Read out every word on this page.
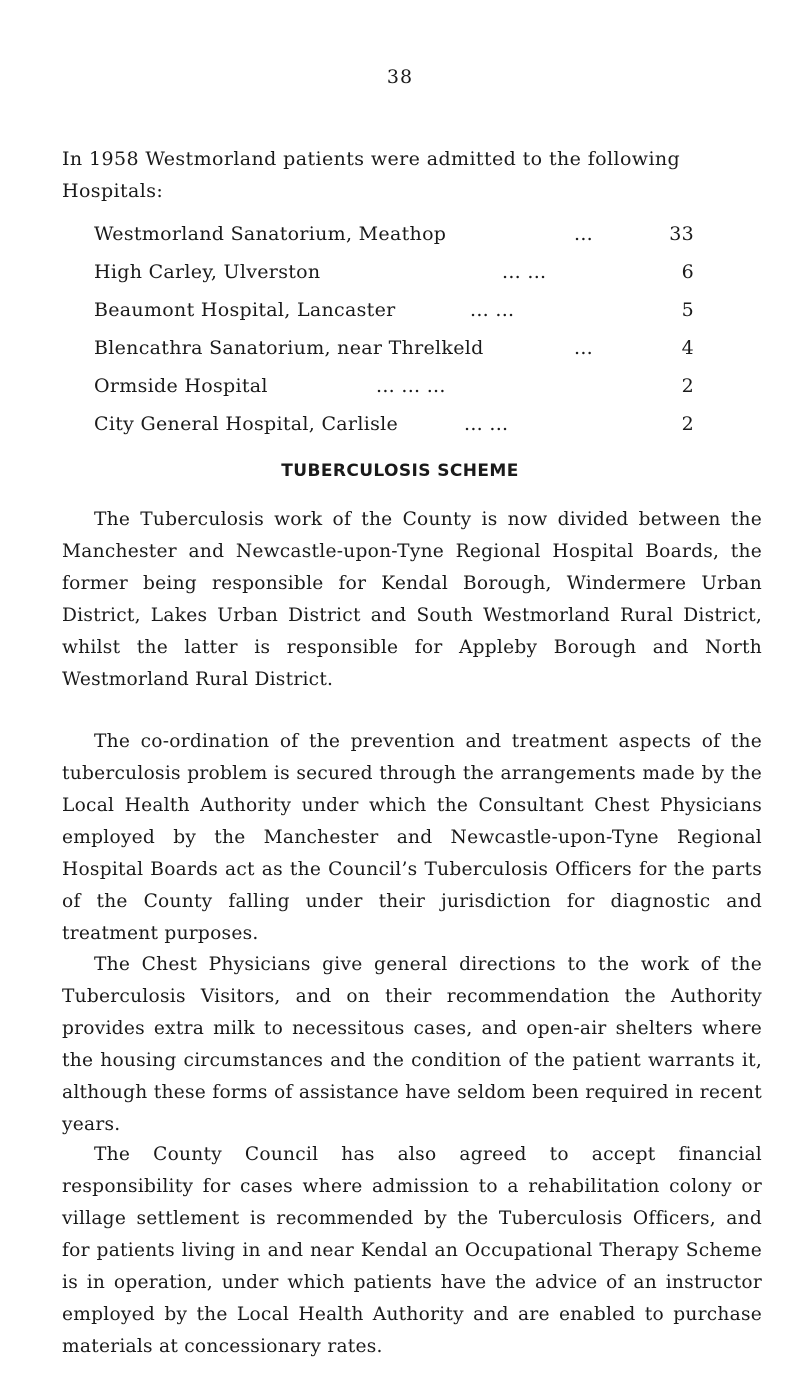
38

In 1958 Westmorland patients were admitted to the following Hospitals:

Westmorland Sanatorium, Meathop	...	33
High Carley, Ulverston	... ...	6
Beaumont Hospital, Lancaster	... ...	5
Blencathra Sanatorium, near Threlkeld	...	4
Ormside Hospital	... ... ...	2
City General Hospital, Carlisle	... ...	2
TUBERCULOSIS SCHEME

The Tuberculosis work of the County is now divided between the Manchester and Newcastle-upon-Tyne Regional Hospital Boards, the former being responsible for Kendal Borough, Windermere Urban District, Lakes Urban District and South Westmorland Rural District, whilst the latter is responsible for Appleby Borough and North Westmorland Rural District.

The co-ordination of the prevention and treatment aspects of the tuberculosis problem is secured through the arrangements made by the Local Health Authority under which the Consultant Chest Physicians employed by the Manchester and Newcastle-upon-Tyne Regional Hospital Boards act as the Council’s Tuberculosis Officers for the parts of the County falling under their jurisdiction for diagnostic and treatment purposes.

The Chest Physicians give general directions to the work of the Tuberculosis Visitors, and on their recommendation the Authority provides extra milk to necessitous cases, and open-air shelters where the housing circumstances and the condition of the patient warrants it, although these forms of assistance have seldom been required in recent years.

The County Council has also agreed to accept financial responsibility for cases where admission to a rehabilitation colony or village settlement is recommended by the Tuberculosis Officers, and for patients living in and near Kendal an Occupational Therapy Scheme is in operation, under which patients have the advice of an instructor employed by the Local Health Authority and are enabled to purchase materials at concessionary rates.
